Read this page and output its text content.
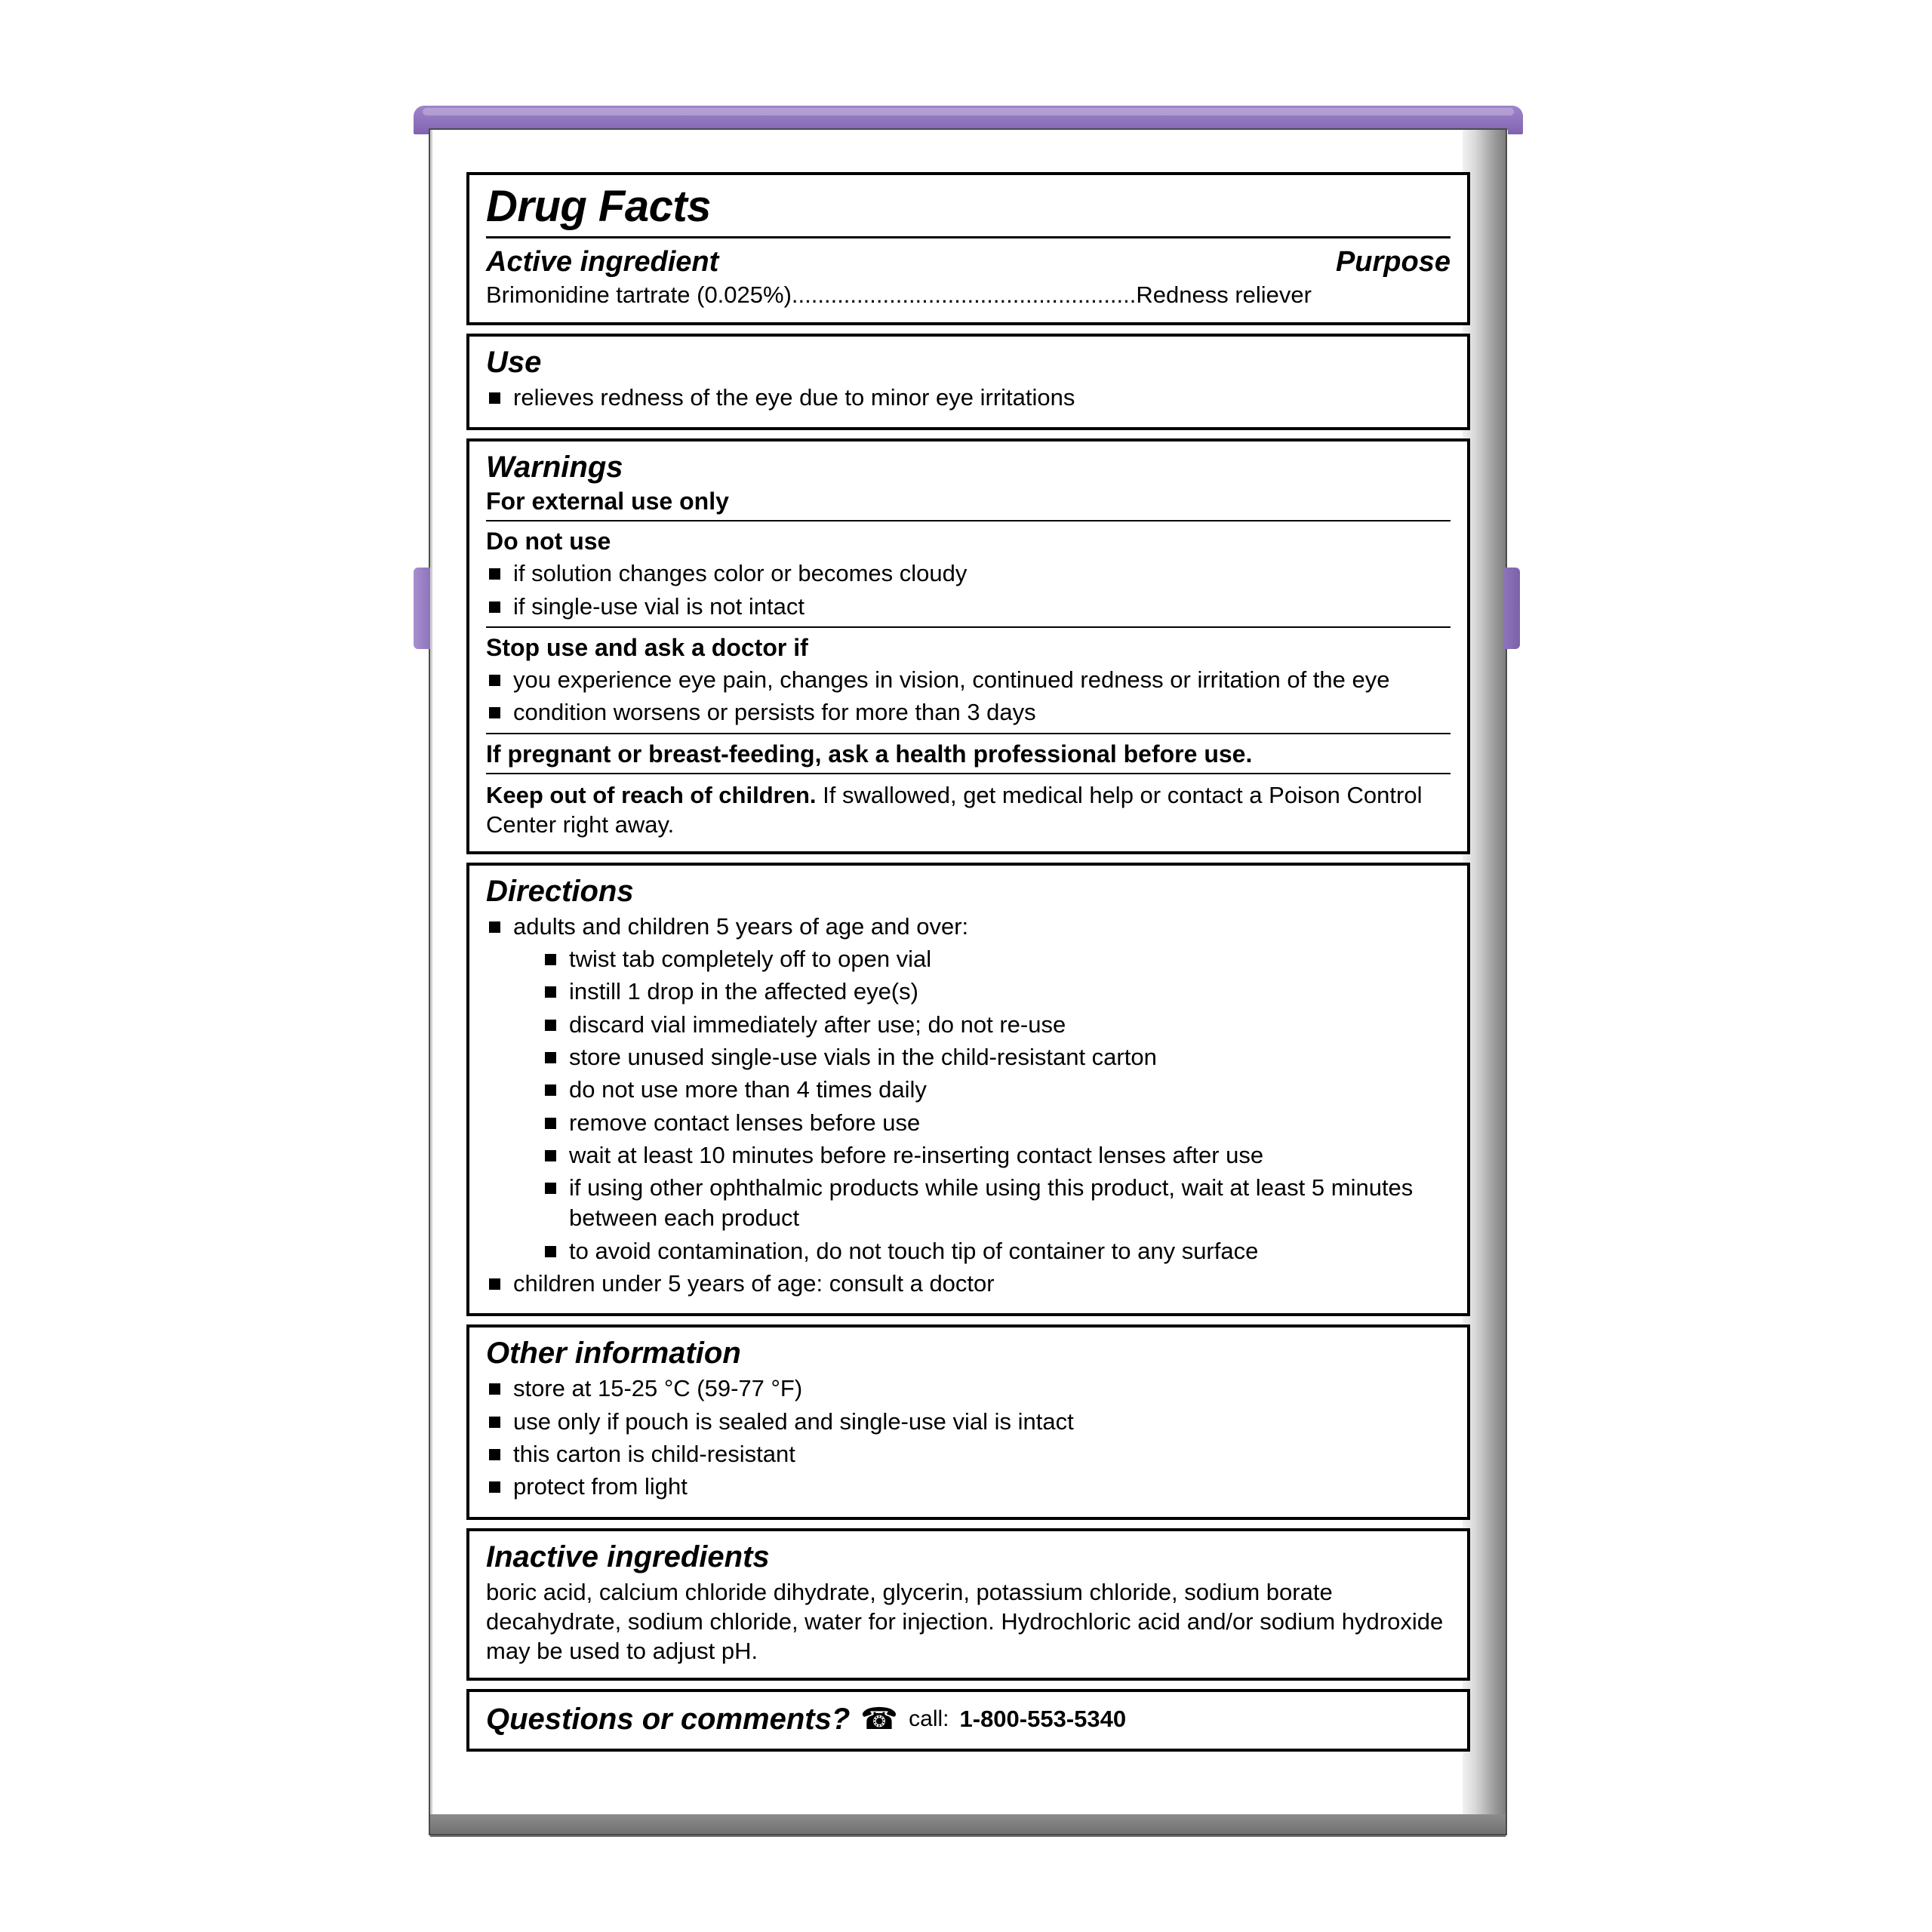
Drug Facts
Active ingredient	Purpose
Brimonidine tartrate (0.025%).....................................................Redness reliever
Use
relieves redness of the eye due to minor eye irritations
Warnings
For external use only
Do not use
if solution changes color or becomes cloudy
if single-use vial is not intact
Stop use and ask a doctor if
you experience eye pain, changes in vision, continued redness or irritation of the eye
condition worsens or persists for more than 3 days
If pregnant or breast-feeding, ask a health professional before use.
Keep out of reach of children. If swallowed, get medical help or contact a Poison Control Center right away.
Directions
adults and children 5 years of age and over:
twist tab completely off to open vial
instill 1 drop in the affected eye(s)
discard vial immediately after use; do not re-use
store unused single-use vials in the child-resistant carton
do not use more than 4 times daily
remove contact lenses before use
wait at least 10 minutes before re-inserting contact lenses after use
if using other ophthalmic products while using this product, wait at least 5 minutes between each product
to avoid contamination, do not touch tip of container to any surface
children under 5 years of age: consult a doctor
Other information
store at 15-25 °C (59-77 °F)
use only if pouch is sealed and single-use vial is intact
this carton is child-resistant
protect from light
Inactive ingredients
boric acid, calcium chloride dihydrate, glycerin, potassium chloride, sodium borate decahydrate, sodium chloride, water for injection. Hydrochloric acid and/or sodium hydroxide may be used to adjust pH.
Questions or comments? ☎ call: 1-800-553-5340
